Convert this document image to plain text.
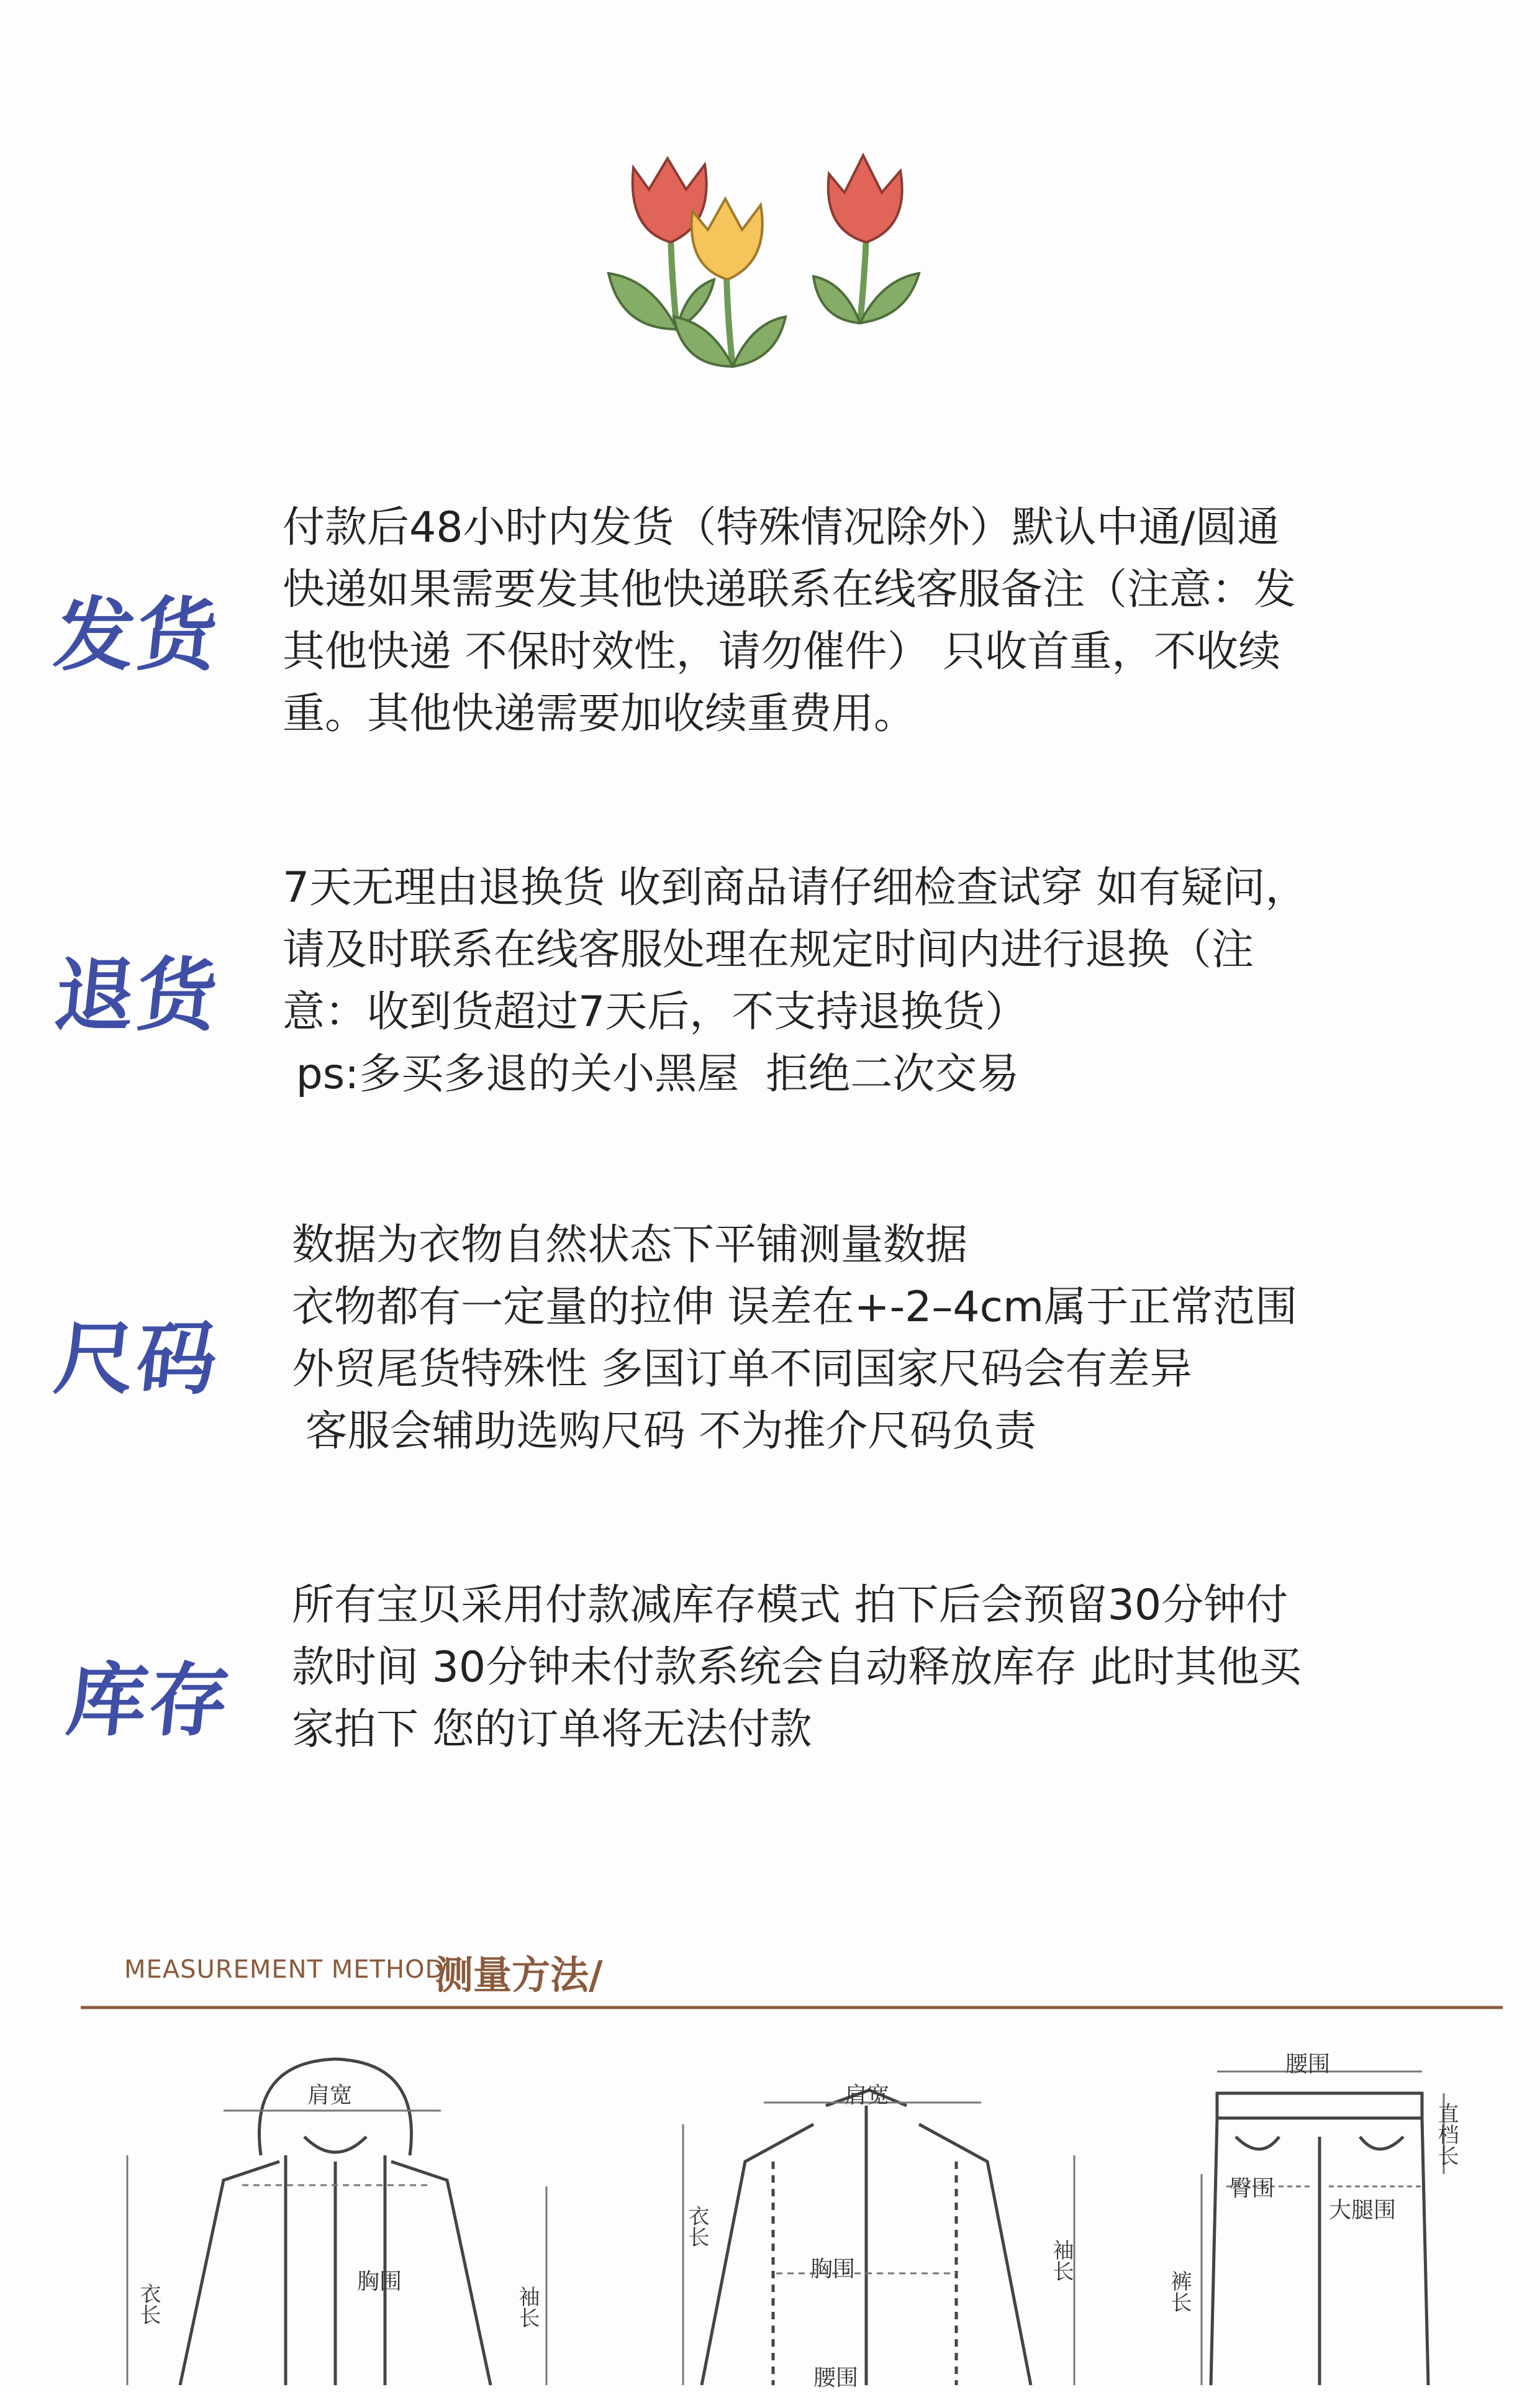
发货
付款后48小时内发货（特殊情况除外）默认中通/圆通
快递如果需要发其他快递联系在线客服备注（注意：发
其他快递 不保时效性，请勿催件） 只收首重，不收续
重。其他快递需要加收续重费用。
退货
7天无理由退换货 收到商品请仔细检查试穿 如有疑问，
请及时联系在线客服处理在规定时间内进行退换（注
意：收到货超过7天后，不支持退换货）
ps:多买多退的关小黑屋  拒绝二次交易
尺码
数据为衣物自然状态下平铺测量数据
衣物都有一定量的拉伸 误差在+-2–4cm属于正常范围
外贸尾货特殊性 多国订单不同国家尺码会有差异
客服会辅助选购尺码 不为推介尺码负责
库存
所有宝贝采用付款减库存模式 拍下后会预留30分钟付
款时间 30分钟未付款系统会自动释放库存 此时其他买
家拍下 您的订单将无法付款
MEASUREMENT METHOD
测量方法/
肩宽
胸围
衣长	袖长
肩宽
胸围
腰围
衣长
袖长
腰围
直档长
臀围
大腿围
裤长
